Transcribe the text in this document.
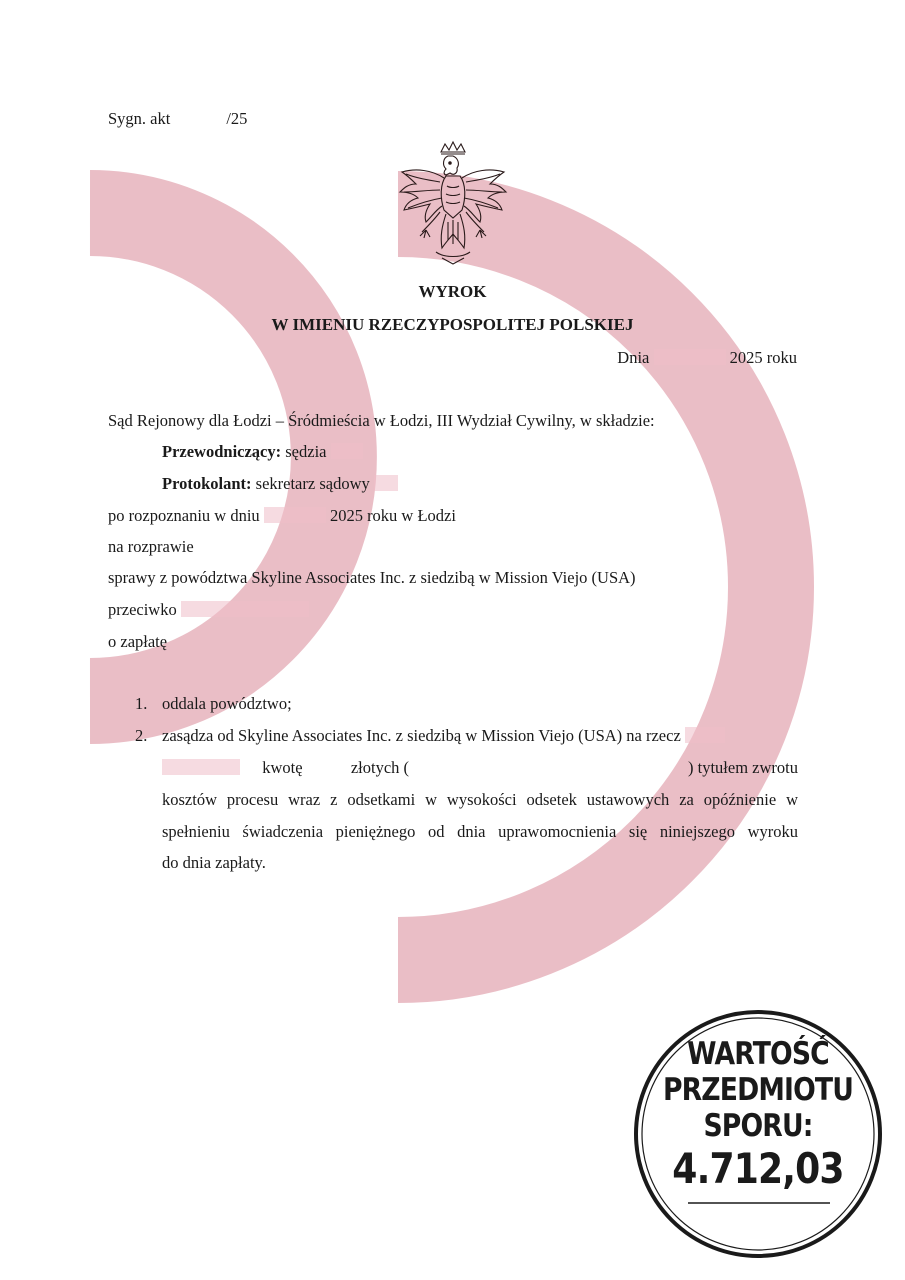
Sygn. akt	/25
WYROK
W IMIENIU RZECZYPOSPOLITEJ POLSKIEJ
Dnia	2025 roku
Sąd Rejonowy dla Łodzi – Śródmieścia w Łodzi, III Wydział Cywilny, w składzie:
Przewodniczący: sędzia
Protokolant: sekretarz sądowy
po rozpoznaniu w dniu	2025 roku w Łodzi
na rozprawie
sprawy z powództwa Skyline Associates Inc. z siedzibą w Mission Viejo (USA)
przeciwko
o zapłatę
1. oddala powództwo;
2. zasądza od Skyline Associates Inc. z siedzibą w Mission Viejo (USA) na rzecz
kwotę	złotych (	) tytułem zwrotu
kosztów procesu wraz z odsetkami w wysokości odsetek ustawowych za opóźnienie w
spełnieniu świadczenia pieniężnego od dnia uprawomocnienia się niniejszego wyroku
do dnia zapłaty.
WARTOŚĆ
PRZEDMIOTU
SPORU:
4.712,03
